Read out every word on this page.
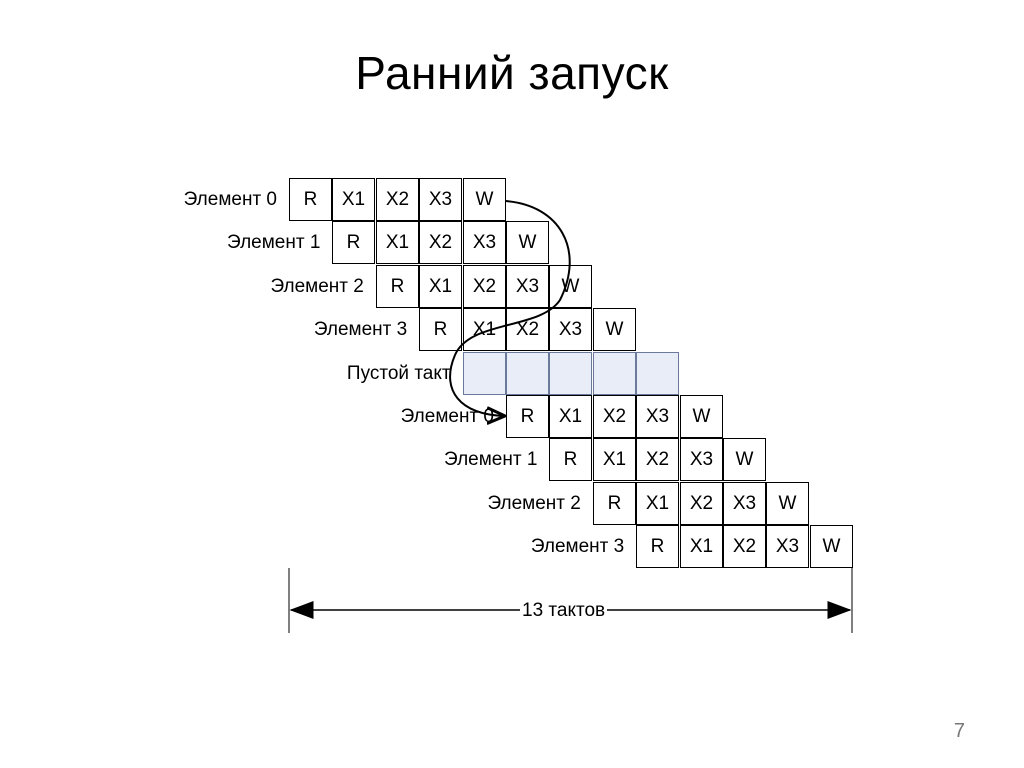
Ранний запуск
Элемент 0	R	X1	X2	X3	W
Элемент 1	R	X1	X2	X3	W
Элемент 2	R	X1	X2	X3	W
Элемент 3	R	X1	X2	X3	W
Пустой такт
Элемент 0	R	X1	X2	X3	W
Элемент 1	R	X1	X2	X3	W
Элемент 2	R	X1	X2	X3	W
Элемент 3	R	X1	X2	X3	W
13 тактов
7
